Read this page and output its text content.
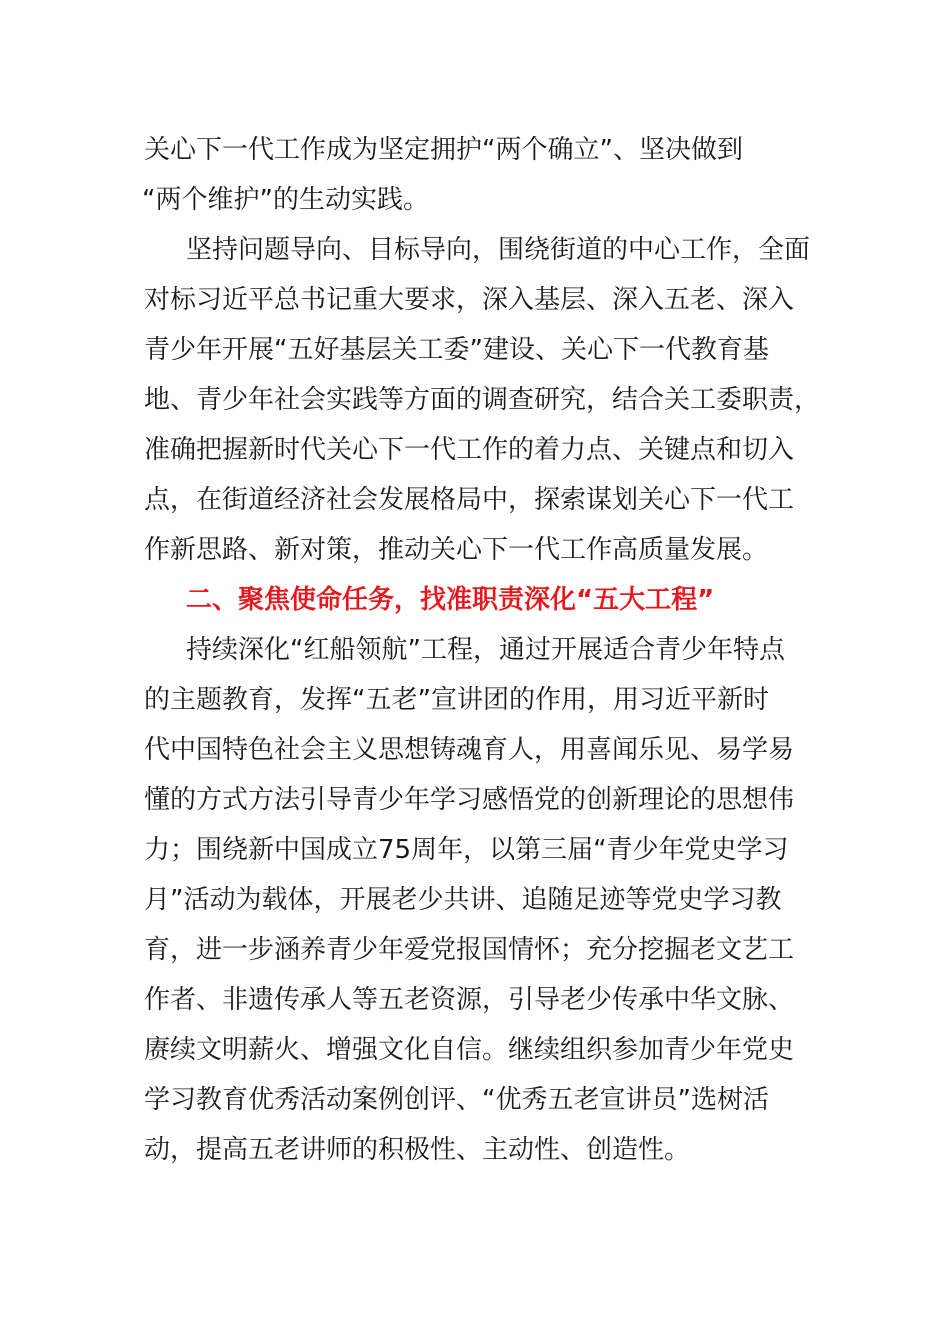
关心下一代工作成为坚定拥护“两个确立”、坚决做到
“两个维护”的生动实践。
坚持问题导向、目标导向，围绕街道的中心工作，全面
对标习近平总书记重大要求，深入基层、深入五老、深入
青少年开展“五好基层关工委”建设、关心下一代教育基
地、青少年社会实践等方面的调查研究，结合关工委职责，
准确把握新时代关心下一代工作的着力点、关键点和切入
点，在街道经济社会发展格局中，探索谋划关心下一代工
作新思路、新对策，推动关心下一代工作高质量发展。
二、聚焦使命任务，找准职责深化“五大工程”
持续深化“红船领航”工程，通过开展适合青少年特点
的主题教育，发挥“五老”宣讲团的作用，用习近平新时
代中国特色社会主义思想铸魂育人，用喜闻乐见、易学易
懂的方式方法引导青少年学习感悟党的创新理论的思想伟
力；围绕新中国成立75周年，以第三届“青少年党史学习
月”活动为载体，开展老少共讲、追随足迹等党史学习教
育，进一步涵养青少年爱党报国情怀；充分挖掘老文艺工
作者、非遗传承人等五老资源，引导老少传承中华文脉、
赓续文明薪火、增强文化自信。继续组织参加青少年党史
学习教育优秀活动案例创评、“优秀五老宣讲员”选树活
动，提高五老讲师的积极性、主动性、创造性。
